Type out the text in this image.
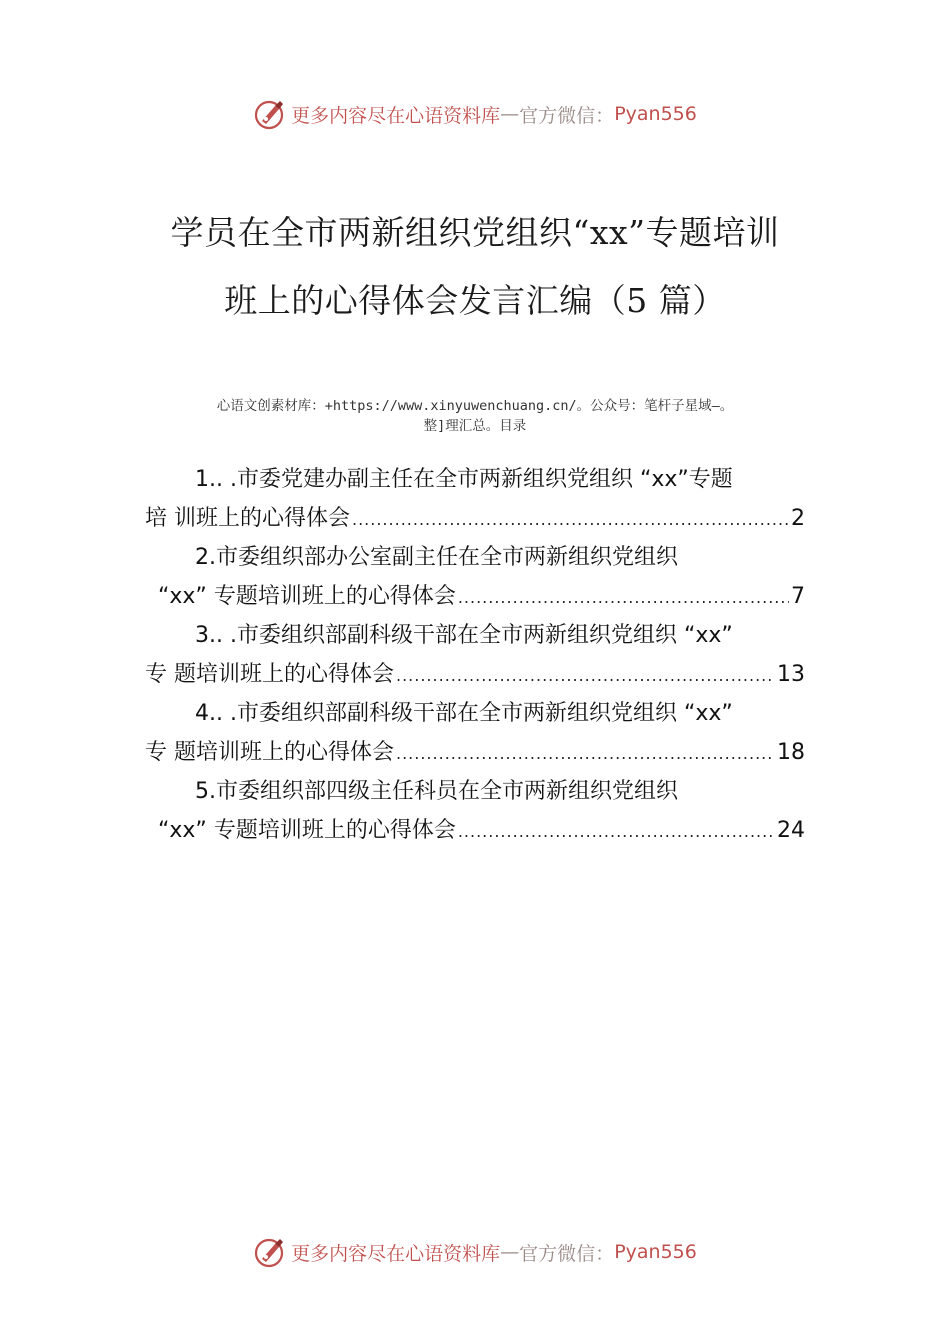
更多内容尽在心语资料库 — 官方微信： Pyan556
学员在全市两新组织党组织“xx”专题培训
班上的心得体会发言汇编（5 篇）
心语文创素材库：+https://www.xinyuwenchuang.cn/。公众号：笔杆子星域—。
整]理汇总。目录
1.. .市委党建办副主任在全市两新组织党组织 “xx”专题
培 训班上的心得体会 .....	2
2.市委组织部办公室副主任在全市两新组织党组织
“xx” 专题培训班上的心得体会 .....	7
3.. .市委组织部副科级干部在全市两新组织党组织 “xx”
专 题培训班上的心得体会 .....	13
4.. .市委组织部副科级干部在全市两新组织党组织 “xx”
专 题培训班上的心得体会 .....	18
5.市委组织部四级主任科员在全市两新组织党组织
“xx” 专题培训班上的心得体会 .....	24
更多内容尽在心语资料库 — 官方微信： Pyan556
